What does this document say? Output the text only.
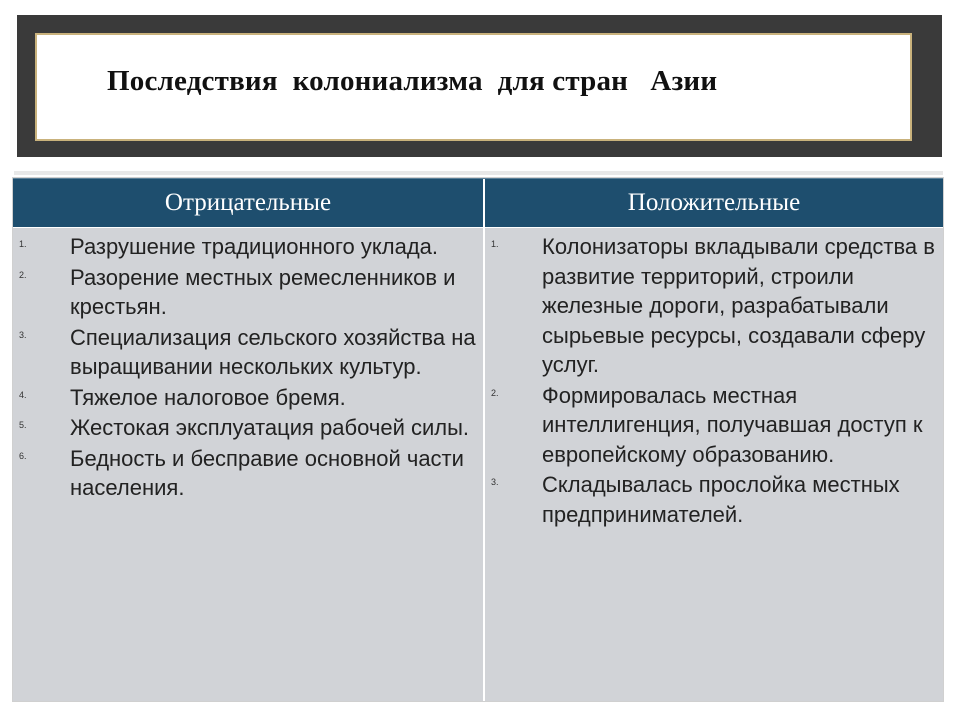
Последствия  колониализма  для стран   Азии
Отрицательные	Положительные
1. Разрушение традиционного уклада.
2. Разорение местных ремесленников и крестьян.
3. Специализация сельского хозяйства на выращивании нескольких культур.
4. Тяжелое налоговое бремя.
5. Жестокая эксплуатация рабочей силы.
6. Бедность и бесправие основной части населения.
1. Колонизаторы вкладывали средства в развитие территорий, строили железные дороги, разрабатывали сырьевые ресурсы, создавали сферу услуг.
2. Формировалась местная интеллигенция, получавшая доступ к европейскому образованию.
3. Складывалась прослойка местных предпринимателей.
